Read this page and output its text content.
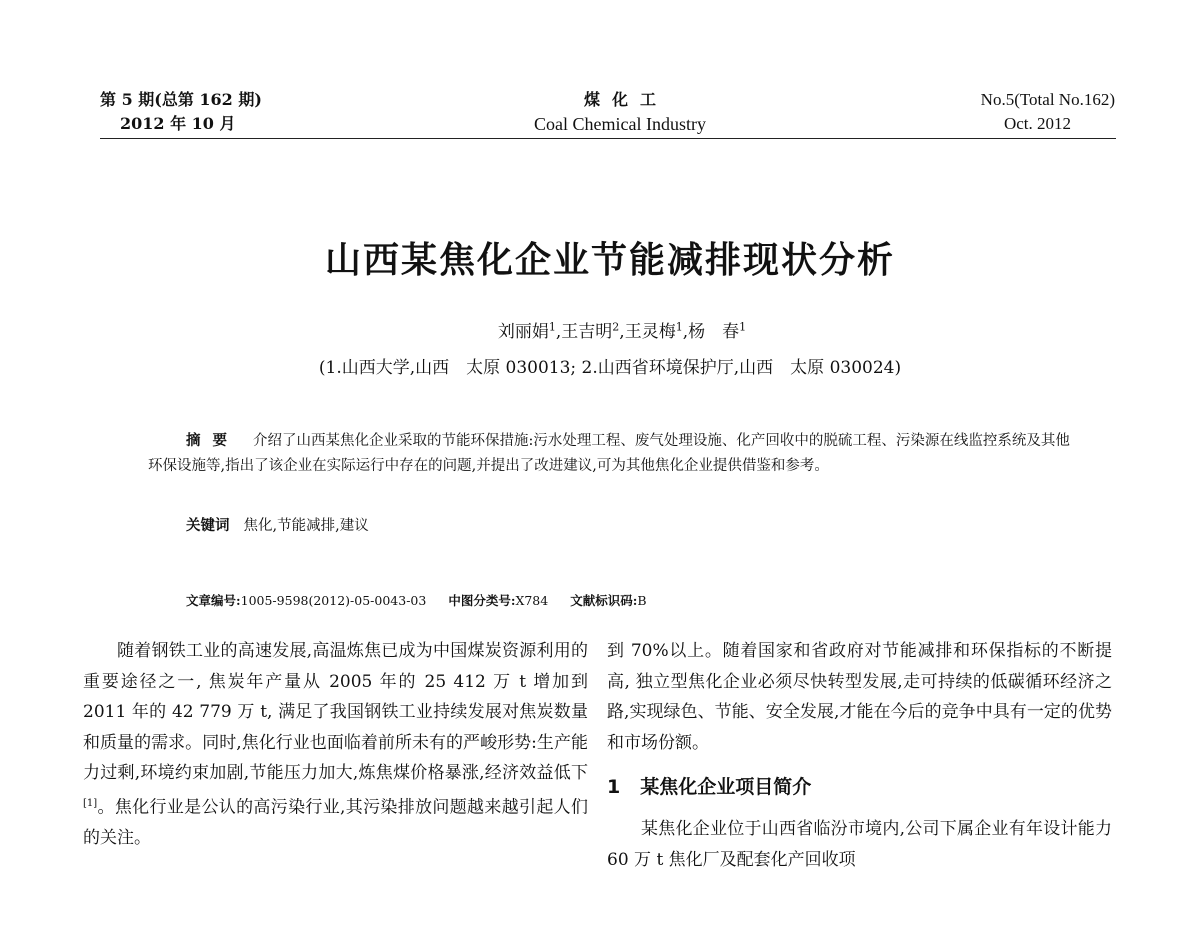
第 5 期(总第 162 期)
2012 年 10 月
煤化工
Coal Chemical Industry
No.5(Total No.162)
Oct. 2012
山西某焦化企业节能减排现状分析
刘丽娟$^1$,王吉明$^2$,王灵梅$^1$,杨　春$^1$
(1.山西大学,山西　太原 030013; 2.山西省环境保护厅,山西　太原 030024)
摘要 介绍了山西某焦化企业采取的节能环保措施:污水处理工程、废气处理设施、化产回收中的脱硫工程、污染源在线监控系统及其他环保设施等,指出了该企业在实际运行中存在的问题,并提出了改进建议,可为其他焦化企业提供借鉴和参考。
关键词 焦化,节能减排,建议
文章编号:1005-9598(2012)-05-0043-03 中图分类号:X784 文献标识码:B

随着钢铁工业的高速发展,高温炼焦已成为中国煤炭资源利用的重要途径之一, 焦炭年产量从 2005 年的 25 412 万 t 增加到 2011 年的 42 779 万 t, 满足了我国钢铁工业持续发展对焦炭数量和质量的需求。同时,焦化行业也面临着前所未有的严峻形势:生产能力过剩,环境约束加剧,节能压力加大,炼焦煤价格暴涨,经济效益低下[1]。焦化行业是公认的高污染行业,其污染排放问题越来越引起人们的关注。

到 70%以上。随着国家和省政府对节能减排和环保指标的不断提高, 独立型焦化企业必须尽快转型发展,走可持续的低碳循环经济之路,实现绿色、节能、安全发展,才能在今后的竞争中具有一定的优势和市场份额。

1 某焦化企业项目简介

某焦化企业位于山西省临汾市境内,公司下属企业有年设计能力 60 万 t 焦化厂及配套化产回收项
